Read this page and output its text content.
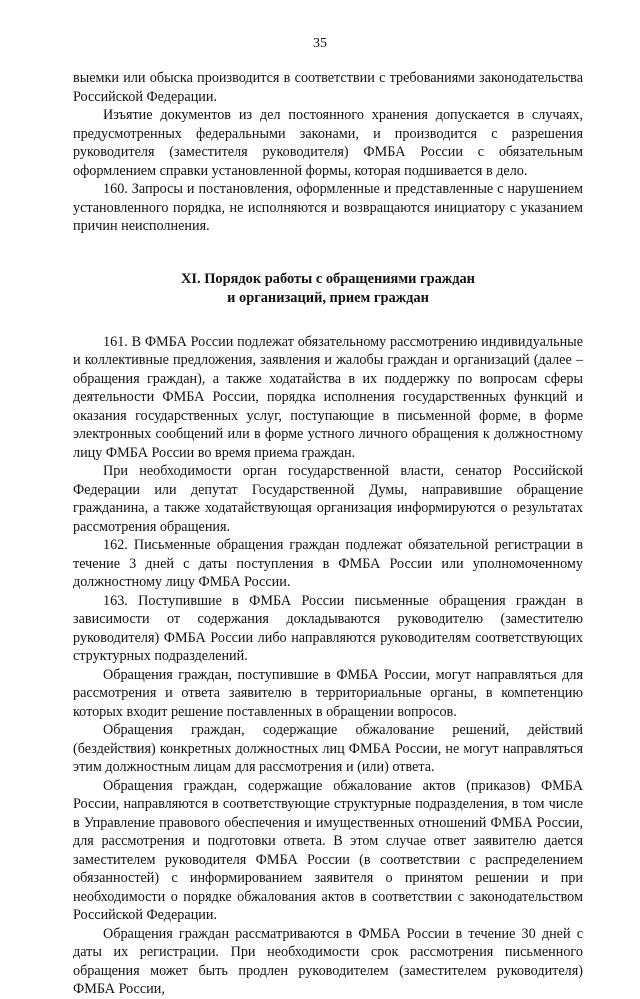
35

выемки или обыска производится в соответствии с требованиями законодательства Российской Федерации.

Изъятие документов из дел постоянного хранения допускается в случаях, предусмотренных федеральными законами, и производится с разрешения руководителя (заместителя руководителя) ФМБА России с обязательным оформлением справки установленной формы, которая подшивается в дело.

160. Запросы и постановления, оформленные и представленные с нарушением установленного порядка, не исполняются и возвращаются инициатору с указанием причин неисполнения.

XI. Порядок работы с обращениями граждан
и организаций, прием граждан

161. В ФМБА России подлежат обязательному рассмотрению индивидуальные и коллективные предложения, заявления и жалобы граждан и организаций (далее – обращения граждан), а также ходатайства в их поддержку по вопросам сферы деятельности ФМБА России, порядка исполнения государственных функций и оказания государственных услуг, поступающие в письменной форме, в форме электронных сообщений или в форме устного личного обращения к должностному лицу ФМБА России во время приема граждан.

При необходимости орган государственной власти, сенатор Российской Федерации или депутат Государственной Думы, направившие обращение гражданина, а также ходатайствующая организация информируются о результатах рассмотрения обращения.

162. Письменные обращения граждан подлежат обязательной регистрации в течение 3 дней с даты поступления в ФМБА России или уполномоченному должностному лицу ФМБА России.

163. Поступившие в ФМБА России письменные обращения граждан в зависимости от содержания докладываются руководителю (заместителю руководителя) ФМБА России либо направляются руководителям соответствующих структурных подразделений.

Обращения граждан, поступившие в ФМБА России, могут направляться для рассмотрения и ответа заявителю в территориальные органы, в компетенцию которых входит решение поставленных в обращении вопросов.

Обращения граждан, содержащие обжалование решений, действий (бездействия) конкретных должностных лиц ФМБА России, не могут направляться этим должностным лицам для рассмотрения и (или) ответа.

Обращения граждан, содержащие обжалование актов (приказов) ФМБА России, направляются в соответствующие структурные подразделения, в том числе в Управление правового обеспечения и имущественных отношений ФМБА России, для рассмотрения и подготовки ответа. В этом случае ответ заявителю дается заместителем руководителя ФМБА России (в соответствии с распределением обязанностей) с информированием заявителя о принятом решении и при необходимости о порядке обжалования актов в соответствии с законодательством Российской Федерации.

Обращения граждан рассматриваются в ФМБА России в течение 30 дней с даты их регистрации. При необходимости срок рассмотрения письменного обращения может быть продлен руководителем (заместителем руководителя) ФМБА России,
